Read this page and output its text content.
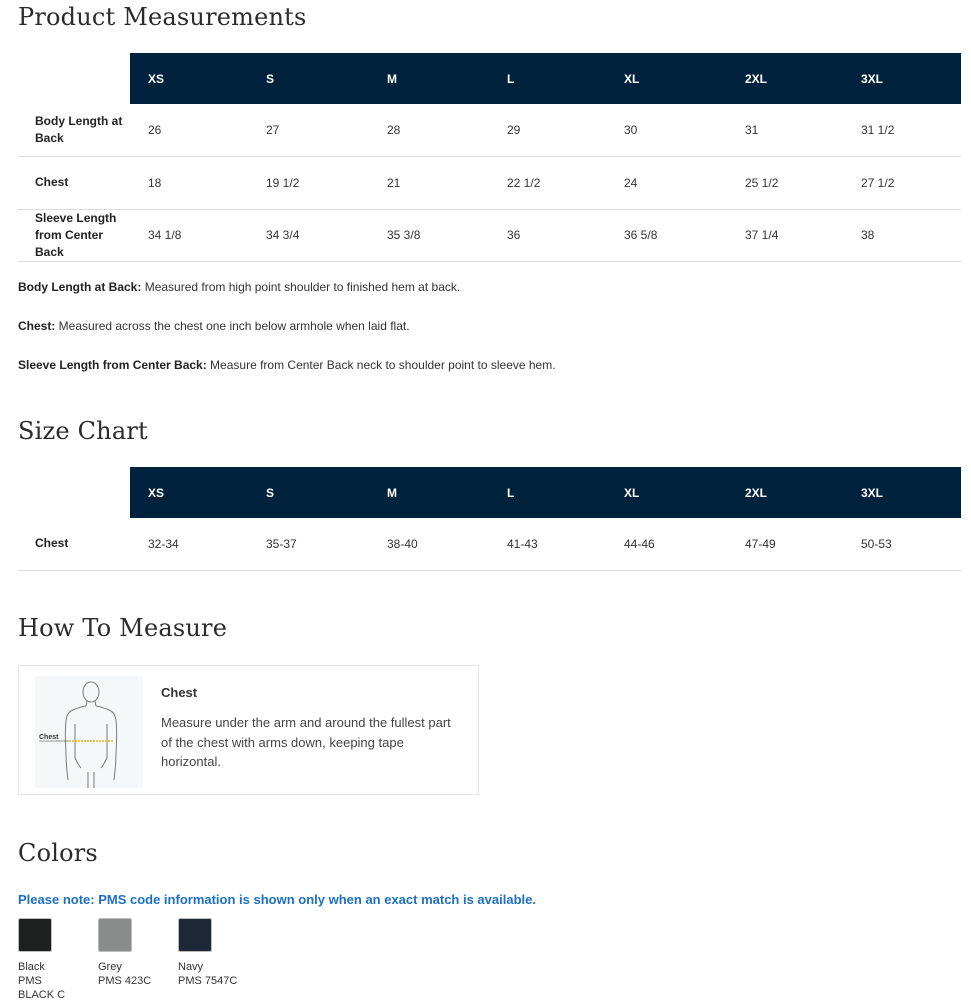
Product Measurements
	XS	S	M	L	XL	2XL	3XL
Body Length at Back	26	27	28	29	30	31	31 1/2
Chest	18	19 1/2	21	22 1/2	24	25 1/2	27 1/2
Sleeve Length from Center Back	34 1/8	34 3/4	35 3/8	36	36 5/8	37 1/4	38

Body Length at Back: Measured from high point shoulder to finished hem at back.

Chest: Measured across the chest one inch below armhole when laid flat.

Sleeve Length from Center Back: Measure from Center Back neck to shoulder point to sleeve hem.

Size Chart
	XS	S	M	L	XL	2XL	3XL
Chest	32-34	35-37	38-40	41-43	44-46	47-49	50-53
How To Measure
Chest
Chest
Measure under the arm and around the fullest part of the chest with arms down, keeping tape horizontal.
Colors
Please note: PMS code information is shown only when an exact match is available.
Black
PMS BLACK C
Grey
PMS 423C
Navy
PMS 7547C
